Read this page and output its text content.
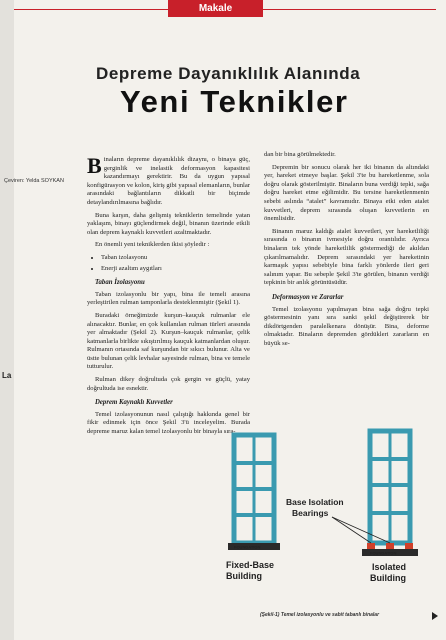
Makale
Depreme Dayanıklılık Alanında
Yeni Teknikler
Çeviren: Yelda SOYKAN
La

Binaların depreme dayanıklılık dizaynı, o binaya güç, gerginlik ve inelastik deformasyon kapasitesi kazandırmayı gerektirir. Bu da uygun yapısal konfigürasyon ve kolon, kiriş gibi yapısal elemanların, bunlar arasındaki bağlantıların dikkatli bir biçimde detaylandırılmasına bağlıdır.

Buna karşın, daha gelişmiş tekniklerin temelinde yatan yaklaşım, binayı güçlendirmek değil, binanın üzerinde etkili olan deprem kaynaklı kuvvetleri azaltmaktadır.

En önemli yeni tekniklerden ikisi şöyledir :

• Taban izolasyonu
• Enerji azaltım aygıtları
Taban İzolasyonu

Taban izolasyonlu bir yapı, bina ile temeli arasına yerleştirilen rulman tamponlarla desteklenmiştir (Şekil 1).

Buradaki örneğimizde kurşun–kauçuk rulmanlar ele alınacaktır. Bunlar, en çok kullanılan rulman türleri arasında yer almaktadır (Şekil 2). Kurşun–kauçuk rulmanlar, çelik katmanlarla birlikte sıkıştırılmış kauçuk katmanlardan oluşur. Rulmanın ortasında saf kurşundan bir sıkıcı bulunur. Alta ve üstte bulunan çelik levhalar sayesinde rulman, bina ve temele tutturulur.

Rulman dikey doğrultuda çok gergin ve güçlü, yatay doğrultuda ise esnektir.

Deprem Kaynaklı Kuvvetler

Temel izolasyonunun nasıl çalıştığı hakkında genel bir fikir edinmek için önce Şekil 3'ü inceleyelim. Burada depreme maruz kalan temel izolasyonlu bir binayla sıra-

dan bir bina görülmektedir.

Depremin bir sonucu olarak her iki binanın da altındaki yer, hareket etmeye başlar. Şekil 3'te bu hareketlenme, sola doğru olarak gösterilmiştir. Binaların buna verdiği tepki, sağa doğru hareket etme eğilimidir. Bu tersine hareketlenmenin sebebi aslında “atalet” kavramıdır. Binaya etki eden atalet kuvvetleri, deprem sırasında oluşan kuvvetlerin en önemlisidir.

Binanın maruz kaldığı atalet kuvvetleri, yer hareketliliği sırasında o binanın ivmesiyle doğru orantılıdır. Ayrıca binaların tek yönde hareketlilik göstermediği de akıldan çıkarılmamalıdır. Deprem sırasındaki yer hareketinin karmaşık yapısı sebebiyle bina farklı yönlerde ileri geri salınım yapar. Bu sebeple Şekil 3'te görülen, binanın verdiği tepkinin bir anlık görüntüsüdür.

Deformasyon ve Zararlar

Temel izolasyonu yapılmayan bina sağa doğru tepki göstermesinin yanı sıra sanki şekil değiştirerek bir dikdörtgenden paralelkenara dönüşür. Bina, deforme olmaktadır. Binaların depremden gördükleri zararların en büyük se-

FOUNDATION
FOUNDATION
Base Isolation
Bearings
Fixed-Base
Building
Isolated
Building
(Şekil-1) Temel izolasyonlu ve sabit tabanlı binalar
